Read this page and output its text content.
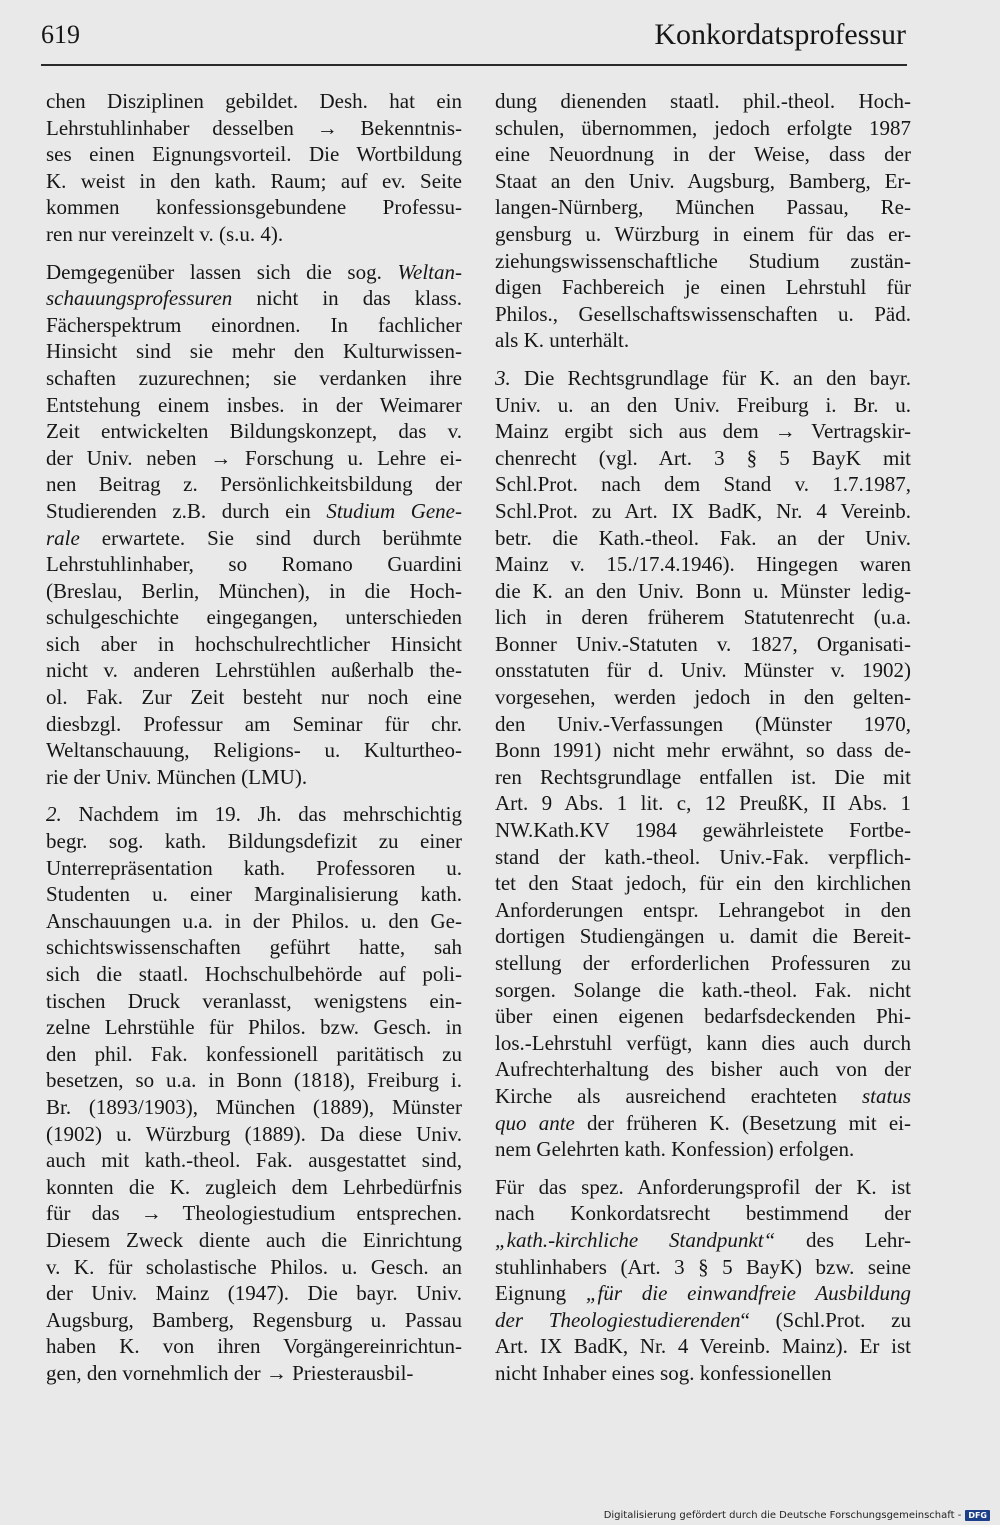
619	Konkordatsprofessur
chen Disziplinen gebildet. Desh. hat ein
Lehrstuhlinhaber desselben → Bekenntnis-
ses einen Eignungsvorteil. Die Wortbildung
K. weist in den kath. Raum; auf ev. Seite
kommen konfessionsgebundene Professu-
ren nur vereinzelt v. (s.u. 4).
Demgegenüber lassen sich die sog. Weltan-
schauungsprofessuren nicht in das klass.
Fächerspektrum einordnen. In fachlicher
Hinsicht sind sie mehr den Kulturwissen-
schaften zuzurechnen; sie verdanken ihre
Entstehung einem insbes. in der Weimarer
Zeit entwickelten Bildungskonzept, das v.
der Univ. neben → Forschung u. Lehre ei-
nen Beitrag z. Persönlichkeitsbildung der
Studierenden z.B. durch ein Studium Gene-
rale erwartete. Sie sind durch berühmte
Lehrstuhlinhaber, so Romano Guardini
(Breslau, Berlin, München), in die Hoch-
schulgeschichte eingegangen, unterschieden
sich aber in hochschulrechtlicher Hinsicht
nicht v. anderen Lehrstühlen außerhalb the-
ol. Fak. Zur Zeit besteht nur noch eine
diesbzgl. Professur am Seminar für chr.
Weltanschauung, Religions- u. Kulturtheo-
rie der Univ. München (LMU).
2. Nachdem im 19. Jh. das mehrschichtig
begr. sog. kath. Bildungsdefizit zu einer
Unterrepräsentation kath. Professoren u.
Studenten u. einer Marginalisierung kath.
Anschauungen u.a. in der Philos. u. den Ge-
schichtswissenschaften geführt hatte, sah
sich die staatl. Hochschulbehörde auf poli-
tischen Druck veranlasst, wenigstens ein-
zelne Lehrstühle für Philos. bzw. Gesch. in
den phil. Fak. konfessionell paritätisch zu
besetzen, so u.a. in Bonn (1818), Freiburg i.
Br. (1893/1903), München (1889), Münster
(1902) u. Würzburg (1889). Da diese Univ.
auch mit kath.-theol. Fak. ausgestattet sind,
konnten die K. zugleich dem Lehrbedürfnis
für das → Theologiestudium entsprechen.
Diesem Zweck diente auch die Einrichtung
v. K. für scholastische Philos. u. Gesch. an
der Univ. Mainz (1947). Die bayr. Univ.
Augsburg, Bamberg, Regensburg u. Passau
haben K. von ihren Vorgängereinrichtun-
gen, den vornehmlich der → Priesterausbil-
dung dienenden staatl. phil.-theol. Hoch-
schulen, übernommen, jedoch erfolgte 1987
eine Neuordnung in der Weise, dass der
Staat an den Univ. Augsburg, Bamberg, Er-
langen-Nürnberg, München Passau, Re-
gensburg u. Würzburg in einem für das er-
ziehungswissenschaftliche Studium zustän-
digen Fachbereich je einen Lehrstuhl für
Philos., Gesellschaftswissenschaften u. Päd.
als K. unterhält.
3. Die Rechtsgrundlage für K. an den bayr.
Univ. u. an den Univ. Freiburg i. Br. u.
Mainz ergibt sich aus dem → Vertragskir-
chenrecht (vgl. Art. 3 § 5 BayK mit
Schl.Prot. nach dem Stand v. 1.7.1987,
Schl.Prot. zu Art. IX BadK, Nr. 4 Vereinb.
betr. die Kath.-theol. Fak. an der Univ.
Mainz v. 15./17.4.1946). Hingegen waren
die K. an den Univ. Bonn u. Münster ledig-
lich in deren früherem Statutenrecht (u.a.
Bonner Univ.-Statuten v. 1827, Organisati-
onsstatuten für d. Univ. Münster v. 1902)
vorgesehen, werden jedoch in den gelten-
den Univ.-Verfassungen (Münster 1970,
Bonn 1991) nicht mehr erwähnt, so dass de-
ren Rechtsgrundlage entfallen ist. Die mit
Art. 9 Abs. 1 lit. c, 12 PreußK, II Abs. 1
NW.Kath.KV 1984 gewährleistete Fortbe-
stand der kath.-theol. Univ.-Fak. verpflich-
tet den Staat jedoch, für ein den kirchlichen
Anforderungen entspr. Lehrangebot in den
dortigen Studiengängen u. damit die Bereit-
stellung der erforderlichen Professuren zu
sorgen. Solange die kath.-theol. Fak. nicht
über einen eigenen bedarfsdeckenden Phi-
los.-Lehrstuhl verfügt, kann dies auch durch
Aufrechterhaltung des bisher auch von der
Kirche als ausreichend erachteten status
quo ante der früheren K. (Besetzung mit ei-
nem Gelehrten kath. Konfession) erfolgen.
Für das spez. Anforderungsprofil der K. ist
nach Konkordatsrecht bestimmend der
„kath.-kirchliche Standpunkt“ des Lehr-
stuhlinhabers (Art. 3 § 5 BayK) bzw. seine
Eignung „für die einwandfreie Ausbildung
der Theologiestudierenden“ (Schl.Prot. zu
Art. IX BadK, Nr. 4 Vereinb. Mainz). Er ist
nicht Inhaber eines sog. konfessionellen
Digitalisierung gefördert durch die Deutsche Forschungsgemeinschaft - DFG
